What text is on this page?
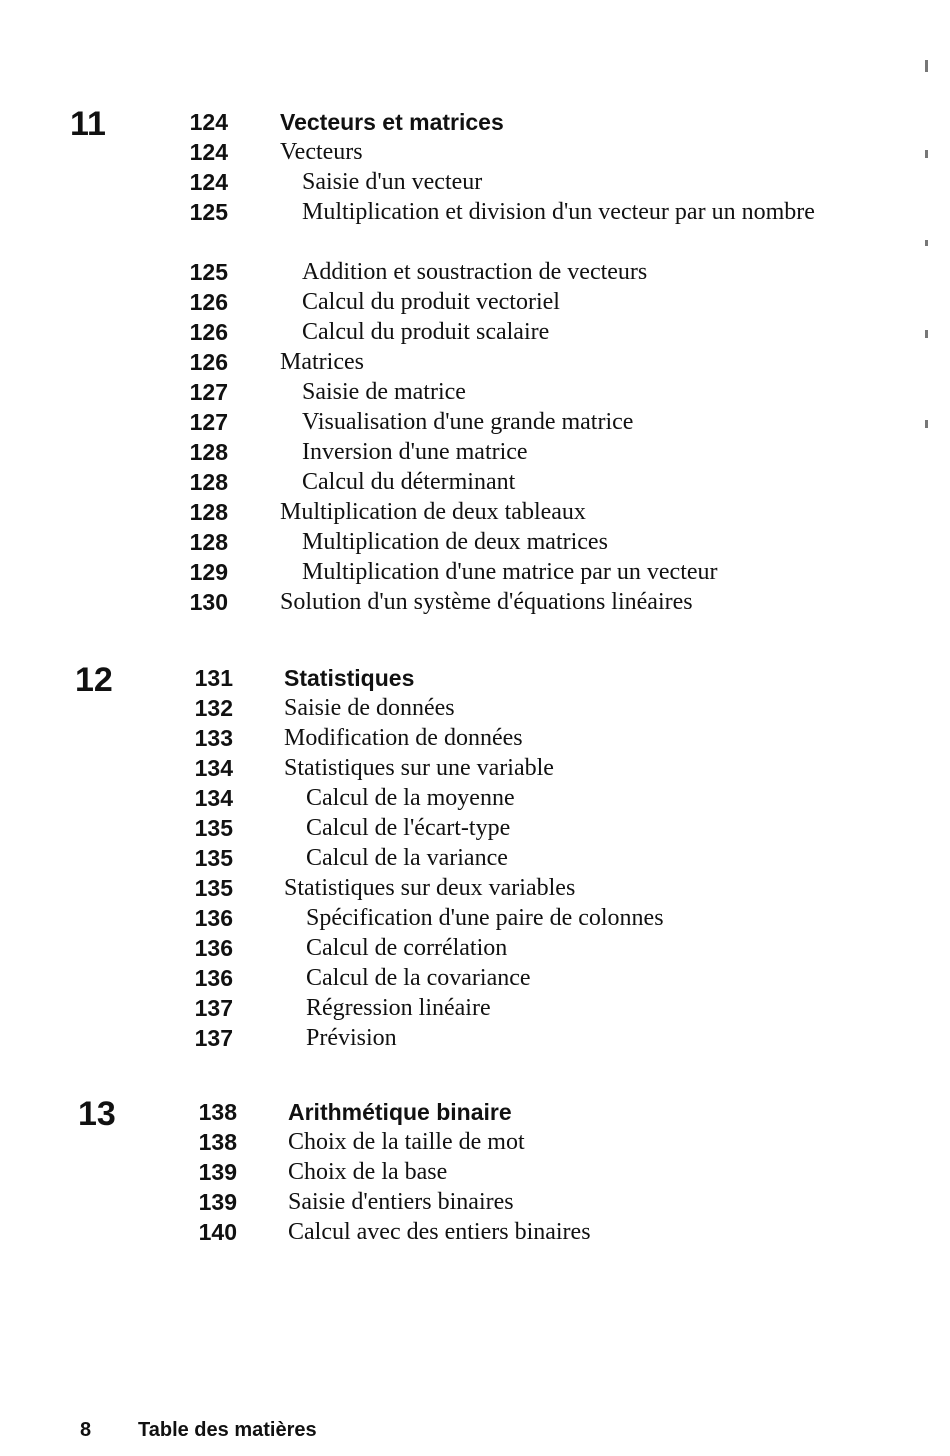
11	124 Vecteurs et matrices
124 Vecteurs
124	Saisie d'un vecteur
125	Multiplication et division d'un vecteur par un nombre
125	Addition et soustraction de vecteurs
126	Calcul du produit vectoriel
126	Calcul du produit scalaire
126 Matrices
127	Saisie de matrice
127	Visualisation d'une grande matrice
128	Inversion d'une matrice
128	Calcul du déterminant
128 Multiplication de deux tableaux
128	Multiplication de deux matrices
129	Multiplication d'une matrice par un vecteur
130 Solution d'un système d'équations linéaires
12	131 Statistiques
132 Saisie de données
133 Modification de données
134 Statistiques sur une variable
134	Calcul de la moyenne
135	Calcul de l'écart-type
135	Calcul de la variance
135 Statistiques sur deux variables
136	Spécification d'une paire de colonnes
136	Calcul de corrélation
136	Calcul de la covariance
137	Régression linéaire
137	Prévision
13	138 Arithmétique binaire
138 Choix de la taille de mot
139 Choix de la base
139 Saisie d'entiers binaires
140 Calcul avec des entiers binaires
8 Table des matières
